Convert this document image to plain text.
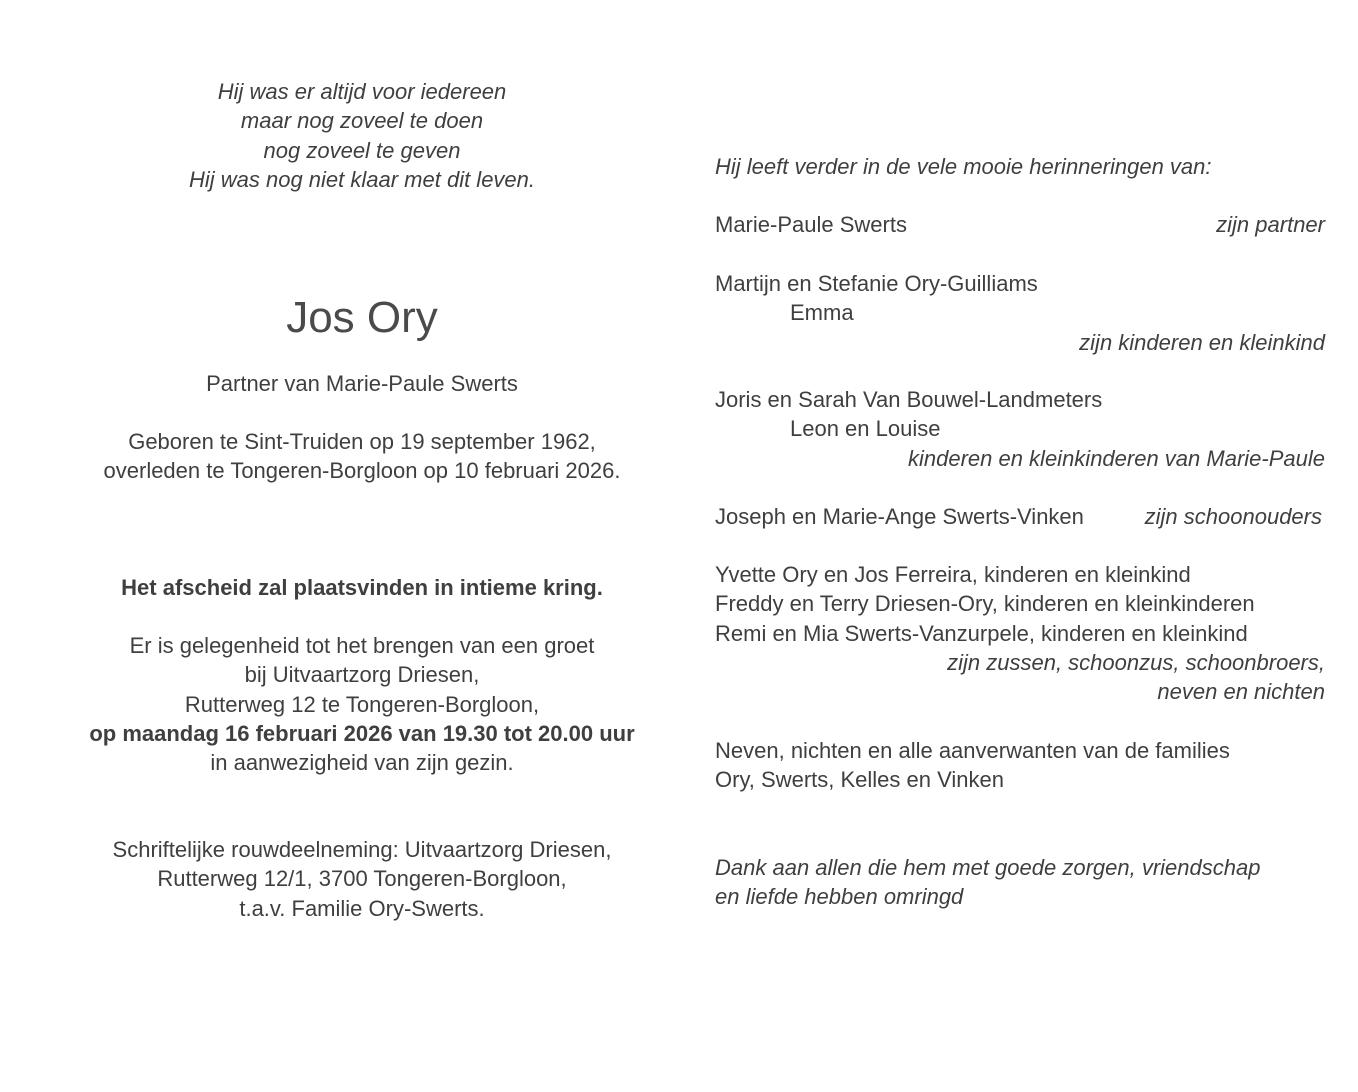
Hij was er altijd voor iedereen
maar nog zoveel te doen
nog zoveel te geven
Hij was nog niet klaar met dit leven.
Jos Ory
Partner van Marie-Paule Swerts
Geboren te Sint-Truiden op 19 september 1962,
overleden te Tongeren-Borgloon op 10 februari 2026.
Het afscheid zal plaatsvinden in intieme kring.
Er is gelegenheid tot het brengen van een groet
bij Uitvaartzorg Driesen,
Rutterweg 12 te Tongeren-Borgloon,
op maandag 16 februari 2026 van 19.30 tot 20.00 uur
in aanwezigheid van zijn gezin.
Schriftelijke rouwdeelneming: Uitvaartzorg Driesen,
Rutterweg 12/1, 3700 Tongeren-Borgloon,
t.a.v. Familie Ory-Swerts.
Hij leeft verder in de vele mooie herinneringen van:
Marie-Paule Swerts	zijn partner
Martijn en Stefanie Ory-Guilliams
Emma
zijn kinderen en kleinkind
Joris en Sarah Van Bouwel-Landmeters
Leon en Louise
kinderen en kleinkinderen van Marie-Paule
Joseph en Marie-Ange Swerts-Vinken	zijn schoonouders
Yvette Ory en Jos Ferreira, kinderen en kleinkind
Freddy en Terry Driesen-Ory, kinderen en kleinkinderen
Remi en Mia Swerts-Vanzurpele, kinderen en kleinkind
zijn zussen, schoonzus, schoonbroers,
neven en nichten
Neven, nichten en alle aanverwanten van de families
Ory, Swerts, Kelles en Vinken
Dank aan allen die hem met goede zorgen, vriendschap
en liefde hebben omringd
